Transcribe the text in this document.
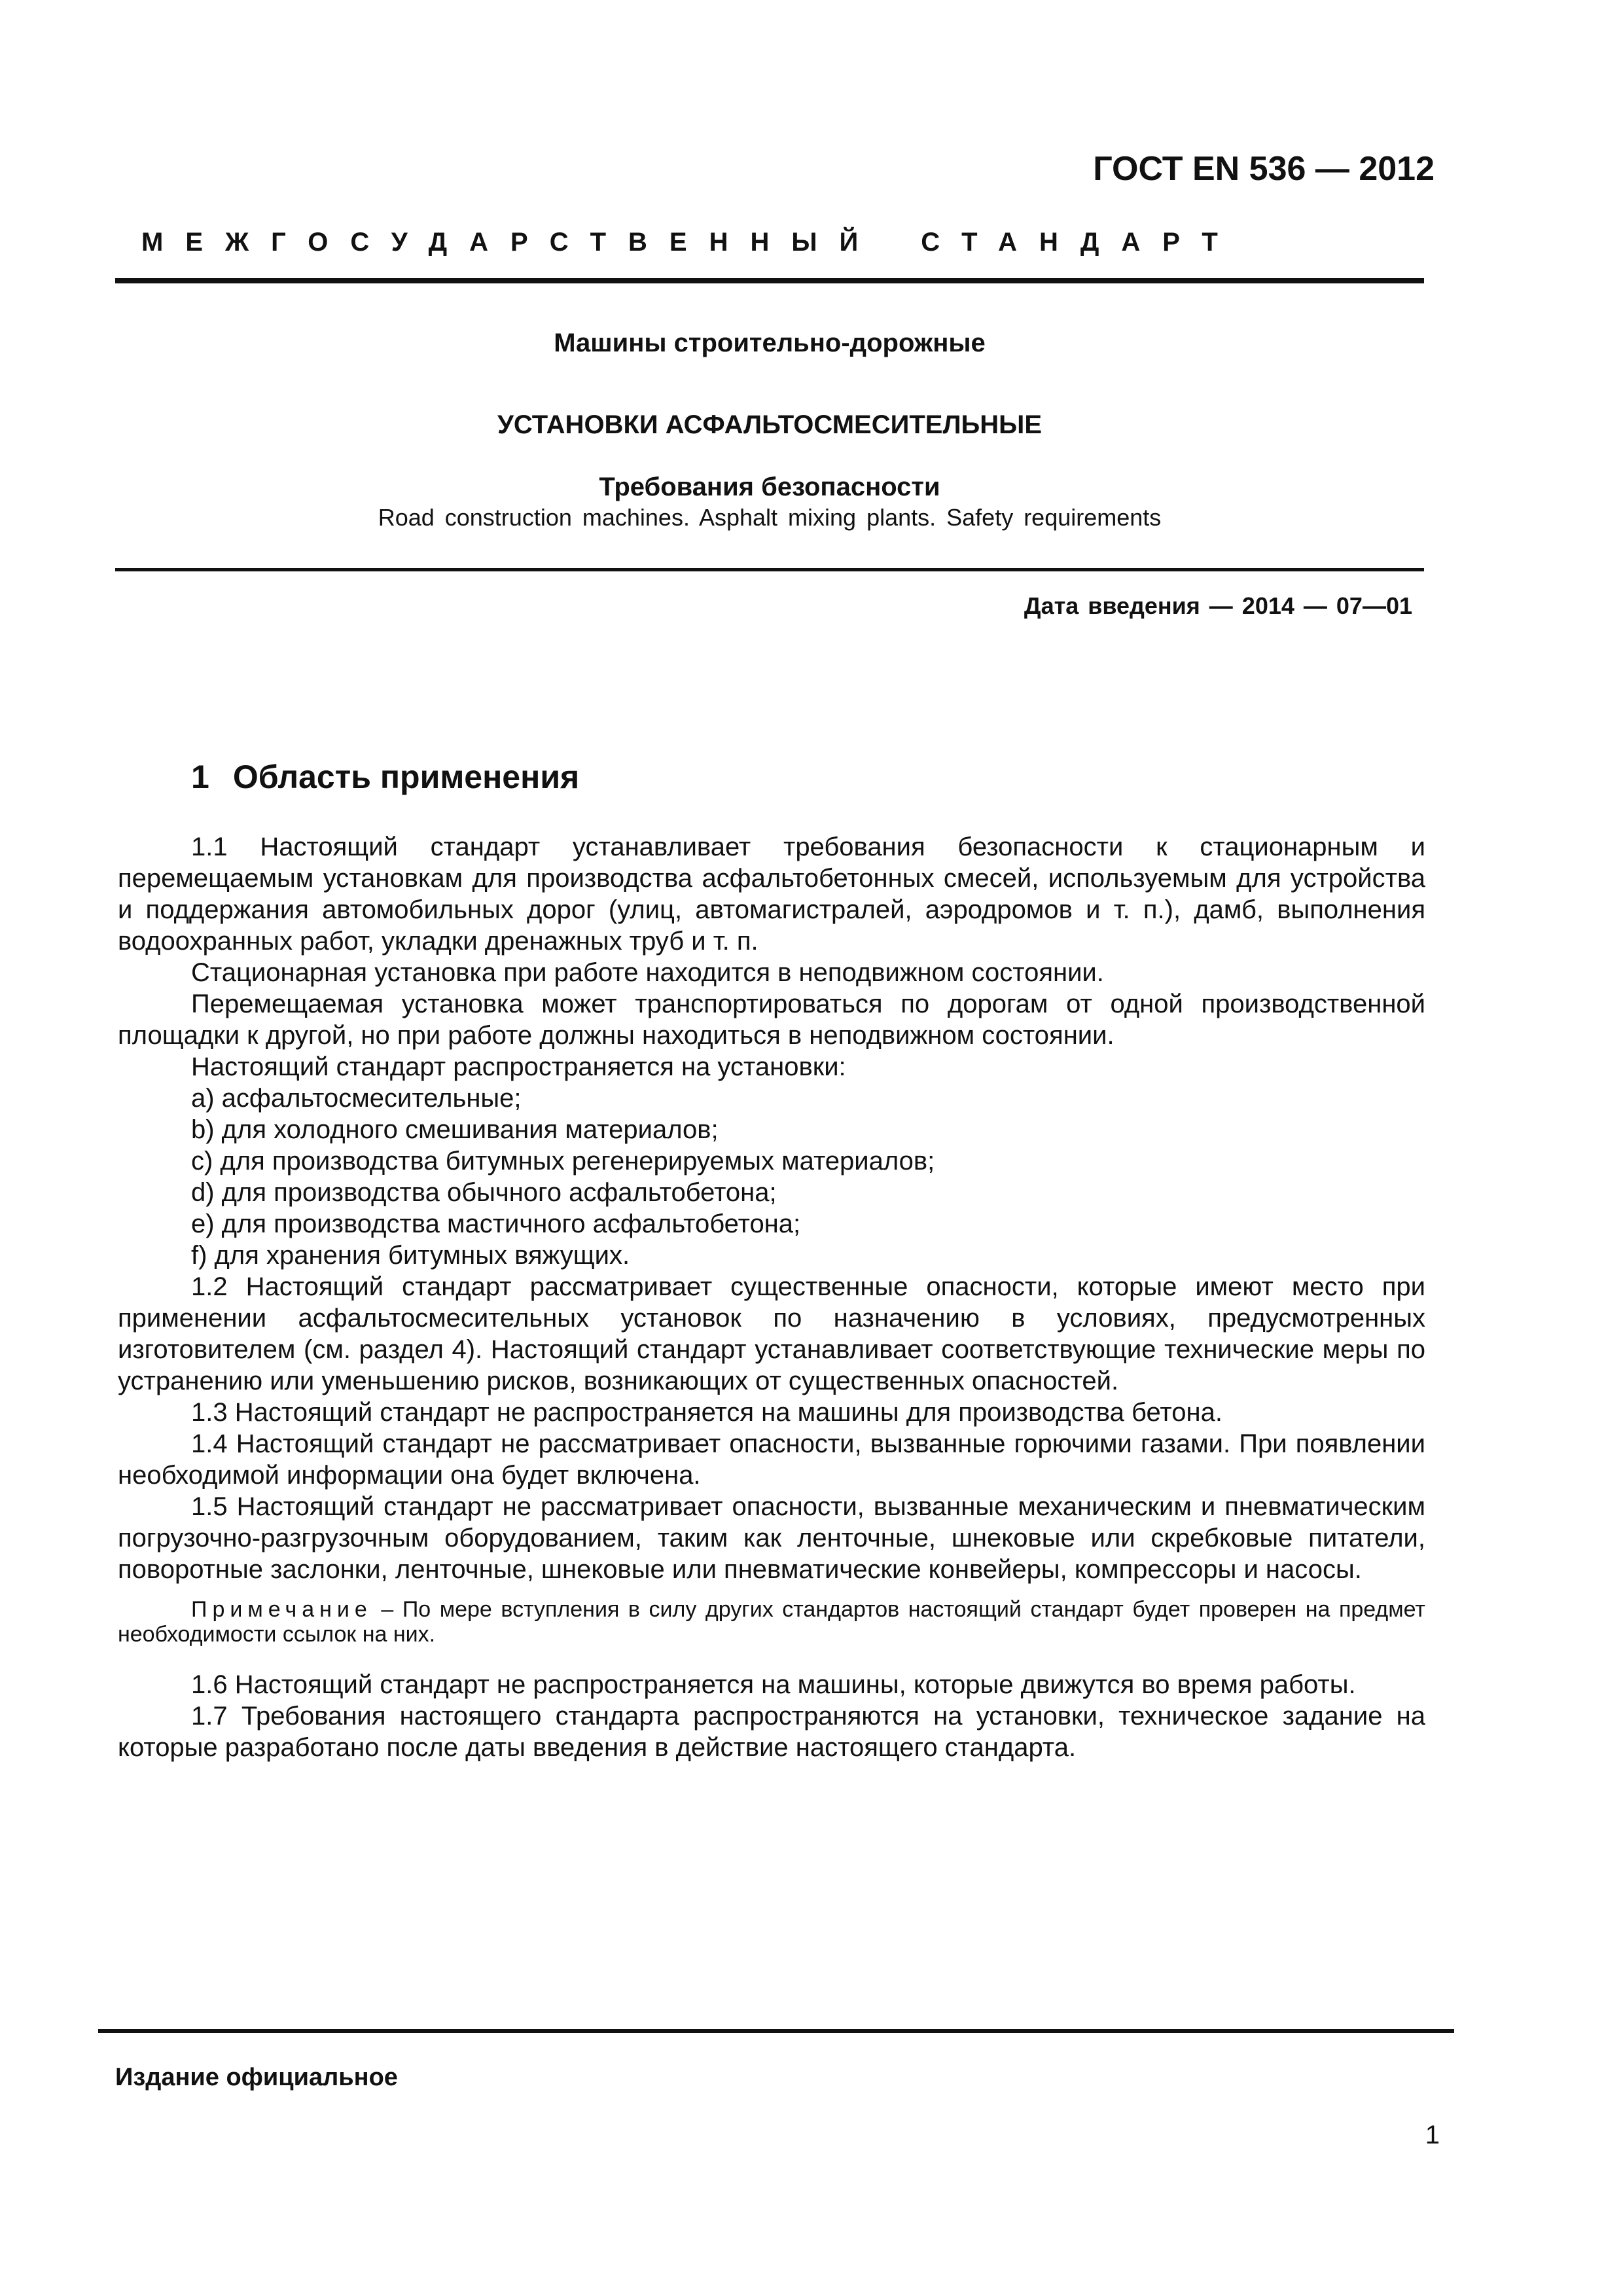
ГОСТ EN 536 — 2012
МЕЖГОСУДАРСТВЕННЫЙ СТАНДАРТ
Машины строительно-дорожные
УСТАНОВКИ АСФАЛЬТОСМЕСИТЕЛЬНЫЕ
Требования безопасности
Road construction machines. Asphalt mixing plants. Safety requirements
Дата введения — 2014 — 07—01
1 Область применения

1.1 Настоящий стандарт устанавливает требования безопасности к стационарным и перемещаемым установкам для производства асфальтобетонных смесей, используемым для устройства и поддержания автомобильных дорог (улиц, автомагистралей, аэродромов и т. п.), дамб, выполнения водоохранных работ, укладки дренажных труб и т. п.

Стационарная установка при работе находится в неподвижном состоянии.

Перемещаемая установка может транспортироваться по дорогам от одной производственной площадки к другой, но при работе должны находиться в неподвижном состоянии.

Настоящий стандарт распространяется на установки:

a) асфальтосмесительные;

b) для холодного смешивания материалов;

c) для производства битумных регенерируемых материалов;

d) для производства обычного асфальтобетона;

e) для производства мастичного асфальтобетона;

f) для хранения битумных вяжущих.

1.2 Настоящий стандарт рассматривает существенные опасности, которые имеют место при применении асфальтосмесительных установок по назначению в условиях, предусмотренных изготовителем (см. раздел 4). Настоящий стандарт устанавливает соответствующие технические меры по устранению или уменьшению рисков, возникающих от существенных опасностей.

1.3 Настоящий стандарт не распространяется на машины для производства бетона.

1.4 Настоящий стандарт не рассматривает опасности, вызванные горючими газами. При появлении необходимой информации она будет включена.

1.5 Настоящий стандарт не рассматривает опасности, вызванные механическим и пневматическим погрузочно-разгрузочным оборудованием, таким как ленточные, шнековые или скребковые питатели, поворотные заслонки, ленточные, шнековые или пневматические конвейеры, компрессоры и насосы.

Примечание – По мере вступления в силу других стандартов настоящий стандарт будет проверен на предмет необходимости ссылок на них.

1.6 Настоящий стандарт не распространяется на машины, которые движутся во время работы.

1.7 Требования настоящего стандарта распространяются на установки, техническое задание на которые разработано после даты введения в действие настоящего стандарта.

Издание официальное
1
